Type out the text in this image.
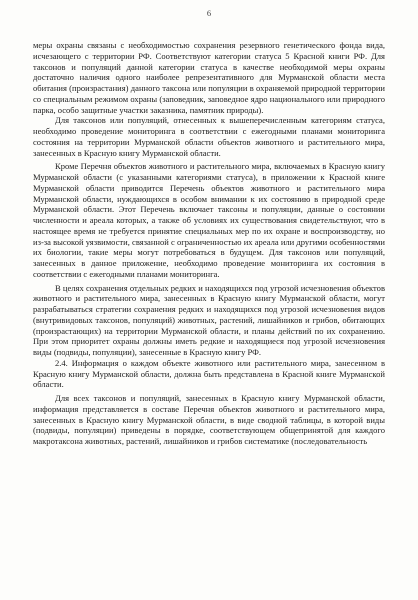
6

меры охраны связаны с необходимостью сохранения резервного генетического фонда вида, исчезающего с территории РФ. Соответствуют категории статуса 5 Красной книги РФ. Для таксонов и популяций данной категории статуса в качестве необходимой меры охраны достаточно наличия одного наиболее репрезентативного для Мурманской области места обитания (произрастания) данного таксона или популяции в охраняемой природной территории со специальным режимом охраны (заповедник, заповедное ядро национального или природного парка, особо защитные участки заказника, памятник природы).

Для таксонов или популяций, отнесенных к вышеперечисленным категориям статуса, необходимо проведение мониторинга в соответствии с ежегодными планами мониторинга состояния на территории Мурманской области объектов животного и растительного мира, занесенных в Красную книгу Мурманской области.

Кроме Перечня объектов животного и растительного мира, включаемых в Красную книгу Мурманской области (с указанными категориями статуса), в приложении к Красной книге Мурманской области приводится Перечень объектов животного и растительного мира Мурманской области, нуждающихся в особом внимании к их состоянию в природной среде Мурманской области. Этот Перечень включает таксоны и популяции, данные о состоянии численности и ареала которых, а также об условиях их существования свидетельствуют, что в настоящее время не требуется принятие специальных мер по их охране и воспроизводству, но из-за высокой уязвимости, связанной с ограниченностью их ареала или другими особенностями их биологии, такие меры могут потребоваться в будущем. Для таксонов или популяций, занесенных в данное приложение, необходимо проведение мониторинга их состояния в соответствии с ежегодными планами мониторинга.

В целях сохранения отдельных редких и находящихся под угрозой исчезновения объектов животного и растительного мира, занесенных в Красную книгу Мурманской области, могут разрабатываться стратегии сохранения редких и находящихся под угрозой исчезновения видов (внутривидовых таксонов, популяций) животных, растений, лишайников и грибов, обитающих (произрастающих) на территории Мурманской области, и планы действий по их сохранению. При этом приоритет охраны должны иметь редкие и находящиеся под угрозой исчезновения виды (подвиды, популяции), занесенные в Красную книгу РФ.

2.4. Информация о каждом объекте животного или растительного мира, занесенном в Красную книгу Мурманской области, должна быть представлена в Красной книге Мурманской области.

Для всех таксонов и популяций, занесенных в Красную книгу Мурманской области, информация представляется в составе Перечня объектов животного и растительного мира, занесенных в Красную книгу Мурманской области, в виде сводной таблицы, в которой виды (подвиды, популяции) приведены в порядке, соответствующем общепринятой для каждого макротаксона животных, растений, лишайников и грибов систематике (последовательность
